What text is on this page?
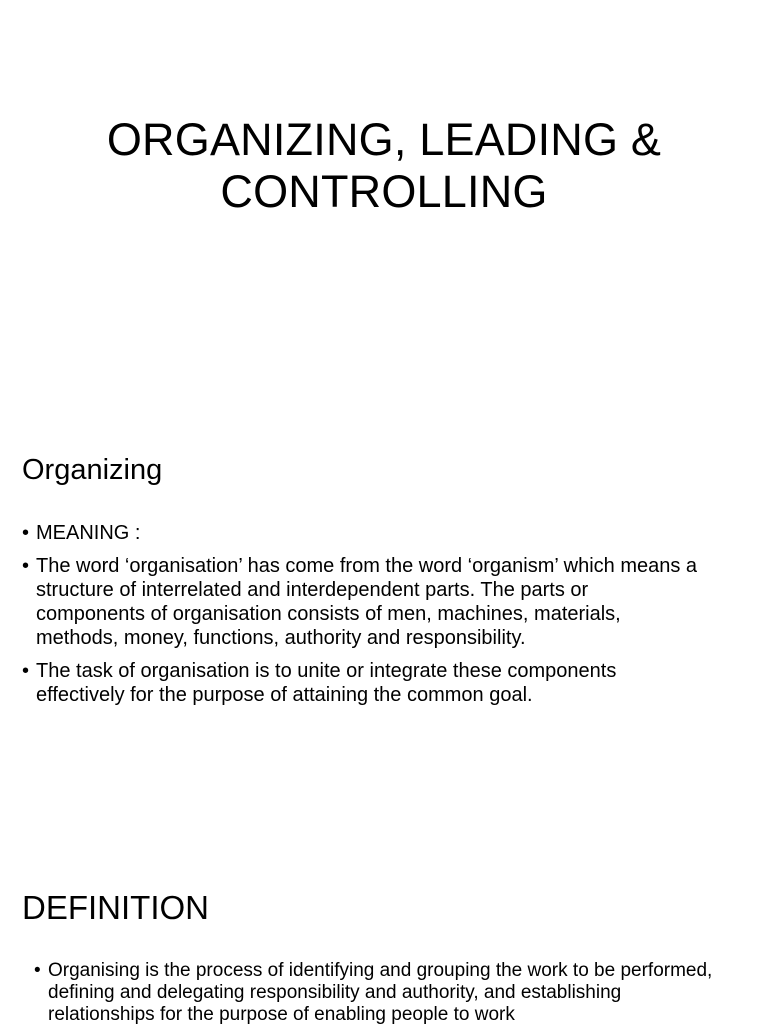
ORGANIZING, LEADING &
CONTROLLING
Organizing
• MEANING :
• The word ‘organisation’ has come from the word ‘organism’ which means a structure of interrelated and interdependent parts. The parts or components of organisation consists of men, machines, materials, methods, money, functions, authority and responsibility.
• The task of organisation is to unite or integrate these components effectively for the purpose of attaining the common goal.
DEFINITION
• Organising is the process of identifying and grouping the work to be performed, defining and delegating responsibility and authority, and establishing relationships for the purpose of enabling people to work
